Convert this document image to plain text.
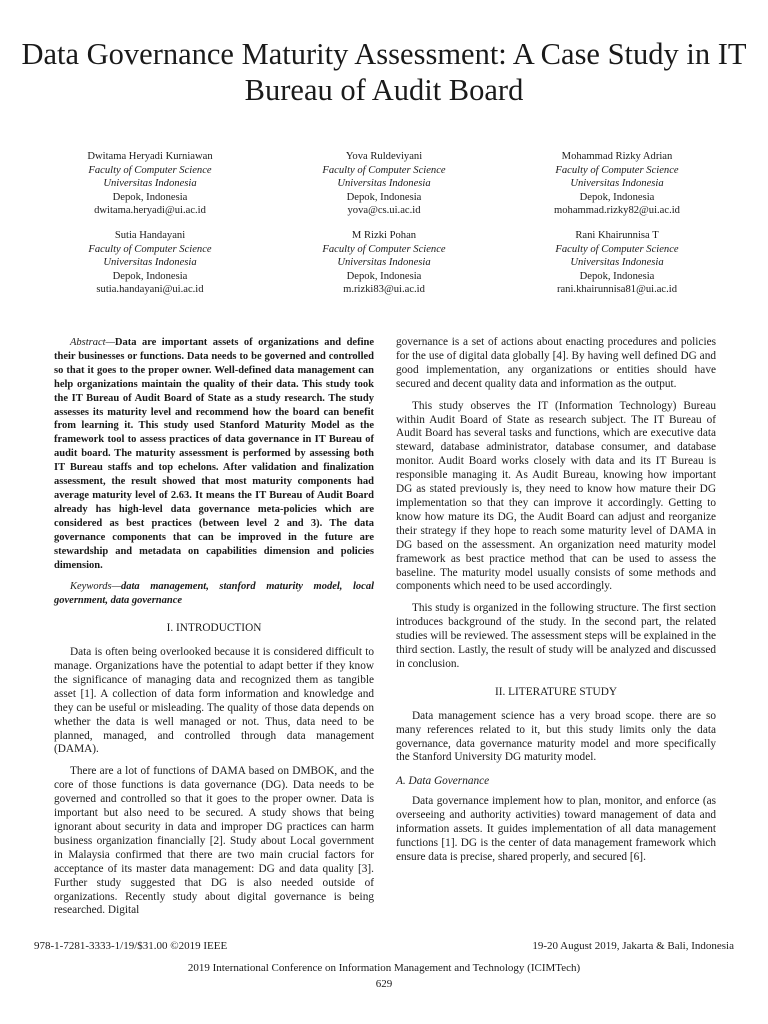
Data Governance Maturity Assessment: A Case Study in IT Bureau of Audit Board
Dwitama Heryadi Kurniawan
Faculty of Computer Science
Universitas Indonesia
Depok, Indonesia
dwitama.heryadi@ui.ac.id
Yova Ruldeviyani
Faculty of Computer Science
Universitas Indonesia
Depok, Indonesia
yova@cs.ui.ac.id
Mohammad Rizky Adrian
Faculty of Computer Science
Universitas Indonesia
Depok, Indonesia
mohammad.rizky82@ui.ac.id
Sutia Handayani
Faculty of Computer Science
Universitas Indonesia
Depok, Indonesia
sutia.handayani@ui.ac.id
M Rizki Pohan
Faculty of Computer Science
Universitas Indonesia
Depok, Indonesia
m.rizki83@ui.ac.id
Rani Khairunnisa T
Faculty of Computer Science
Universitas Indonesia
Depok, Indonesia
rani.khairunnisa81@ui.ac.id

Abstract—Data are important assets of organizations and define their businesses or functions. Data needs to be governed and controlled so that it goes to the proper owner. Well-defined data management can help organizations maintain the quality of their data. This study took the IT Bureau of Audit Board of State as a study research. The study assesses its maturity level and recommend how the board can benefit from learning it. This study used Stanford Maturity Model as the framework tool to assess practices of data governance in IT Bureau of audit board. The maturity assessment is performed by assessing both IT Bureau staffs and top echelons. After validation and finalization assessment, the result showed that most maturity components had average maturity level of 2.63. It means the IT Bureau of Audit Board already has high-level data governance meta-policies which are considered as best practices (between level 2 and 3). The data governance components that can be improved in the future are stewardship and metadata on capabilities dimension and policies dimension.

Keywords—data management, stanford maturity model, local government, data governance

I. INTRODUCTION

Data is often being overlooked because it is considered difficult to manage. Organizations have the potential to adapt better if they know the significance of managing data and recognized them as tangible asset [1]. A collection of data form information and knowledge and they can be useful or misleading. The quality of those data depends on whether the data is well managed or not. Thus, data need to be planned, managed, and controlled through data management (DAMA).

There are a lot of functions of DAMA based on DMBOK, and the core of those functions is data governance (DG). Data needs to be governed and controlled so that it goes to the proper owner. Data is important but also need to be secured. A study shows that being ignorant about security in data and improper DG practices can harm business organization financially [2]. Study about Local government in Malaysia confirmed that there are two main crucial factors for acceptance of its master data management: DG and data quality [3]. Further study suggested that DG is also needed outside of organizations. Recently study about digital governance is being researched. Digital

governance is a set of actions about enacting procedures and policies for the use of digital data globally [4]. By having well defined DG and good implementation, any organizations or entities should have secured and decent quality data and information as the output.

This study observes the IT (Information Technology) Bureau within Audit Board of State as research subject. The IT Bureau of Audit Board has several tasks and functions, which are executive data steward, database administrator, database consumer, and database monitor. Audit Board works closely with data and its IT Bureau is responsible managing it. As Audit Bureau, knowing how important DG as stated previously is, they need to know how mature their DG implementation so that they can improve it accordingly. Getting to know how mature its DG, the Audit Board can adjust and reorganize their strategy if they hope to reach some maturity level of DAMA in DG based on the assessment. An organization need maturity model framework as best practice method that can be used to assess the baseline. The maturity model usually consists of some methods and components which need to be used accordingly.

This study is organized in the following structure. The first section introduces background of the study. In the second part, the related studies will be reviewed. The assessment steps will be explained in the third section. Lastly, the result of study will be analyzed and discussed in conclusion.

II. LITERATURE STUDY

Data management science has a very broad scope. there are so many references related to it, but this study limits only the data governance, data governance maturity model and more specifically the Stanford University DG maturity model.

A. Data Governance

Data governance implement how to plan, monitor, and enforce (as overseeing and authority activities) toward management of data and information assets. It guides implementation of all data management functions [1]. DG is the center of data management framework which ensure data is precise, shared properly, and secured [6].

978-1-7281-3333-1/19/$31.00 ©2019 IEEE	19-20 August 2019, Jakarta & Bali, Indonesia
2019 International Conference on Information Management and Technology (ICIMTech)
629
